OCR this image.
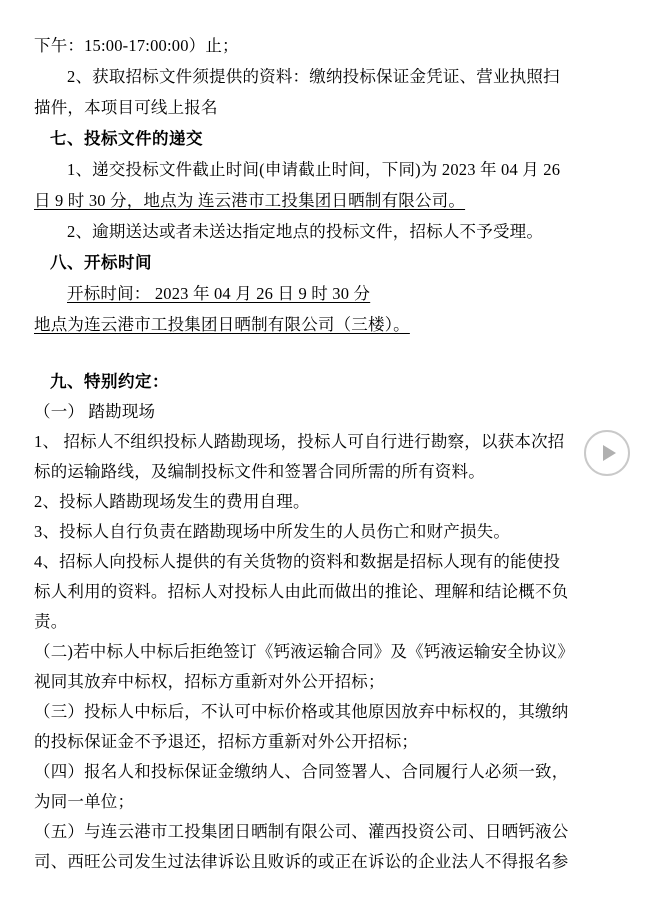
下午：15:00-17:00:00）止；
2、获取招标文件须提供的资料：缴纳投标保证金凭证、营业执照扫
描件，本项目可线上报名
七、投标文件的递交
1、递交投标文件截止时间(申请截止时间，下同)为 2023 年 04 月 26
日 9 时 30 分，地点为 连云港市工投集团日晒制有限公司。
2、逾期送达或者未送达指定地点的投标文件，招标人不予受理。
八、开标时间
开标时间： 2023 年 04 月 26 日 9 时 30 分
地点为连云港市工投集团日晒制有限公司（三楼）。
九、特别约定：
（一） 踏勘现场
1、 招标人不组织投标人踏勘现场，投标人可自行进行勘察，以获本次招
标的运输路线，及编制投标文件和签署合同所需的所有资料。
2、投标人踏勘现场发生的费用自理。
3、投标人自行负责在踏勘现场中所发生的人员伤亡和财产损失。
4、招标人向投标人提供的有关货物的资料和数据是招标人现有的能使投
标人利用的资料。招标人对投标人由此而做出的推论、理解和结论概不负
责。
（二)若中标人中标后拒绝签订《钙液运输合同》及《钙液运输安全协议》
视同其放弃中标权，招标方重新对外公开招标；
（三）投标人中标后，不认可中标价格或其他原因放弃中标权的，其缴纳
的投标保证金不予退还，招标方重新对外公开招标；
（四）报名人和投标保证金缴纳人、合同签署人、合同履行人必须一致，
为同一单位；
（五）与连云港市工投集团日晒制有限公司、灌西投资公司、日晒钙液公
司、西旺公司发生过法律诉讼且败诉的或正在诉讼的企业法人不得报名参
